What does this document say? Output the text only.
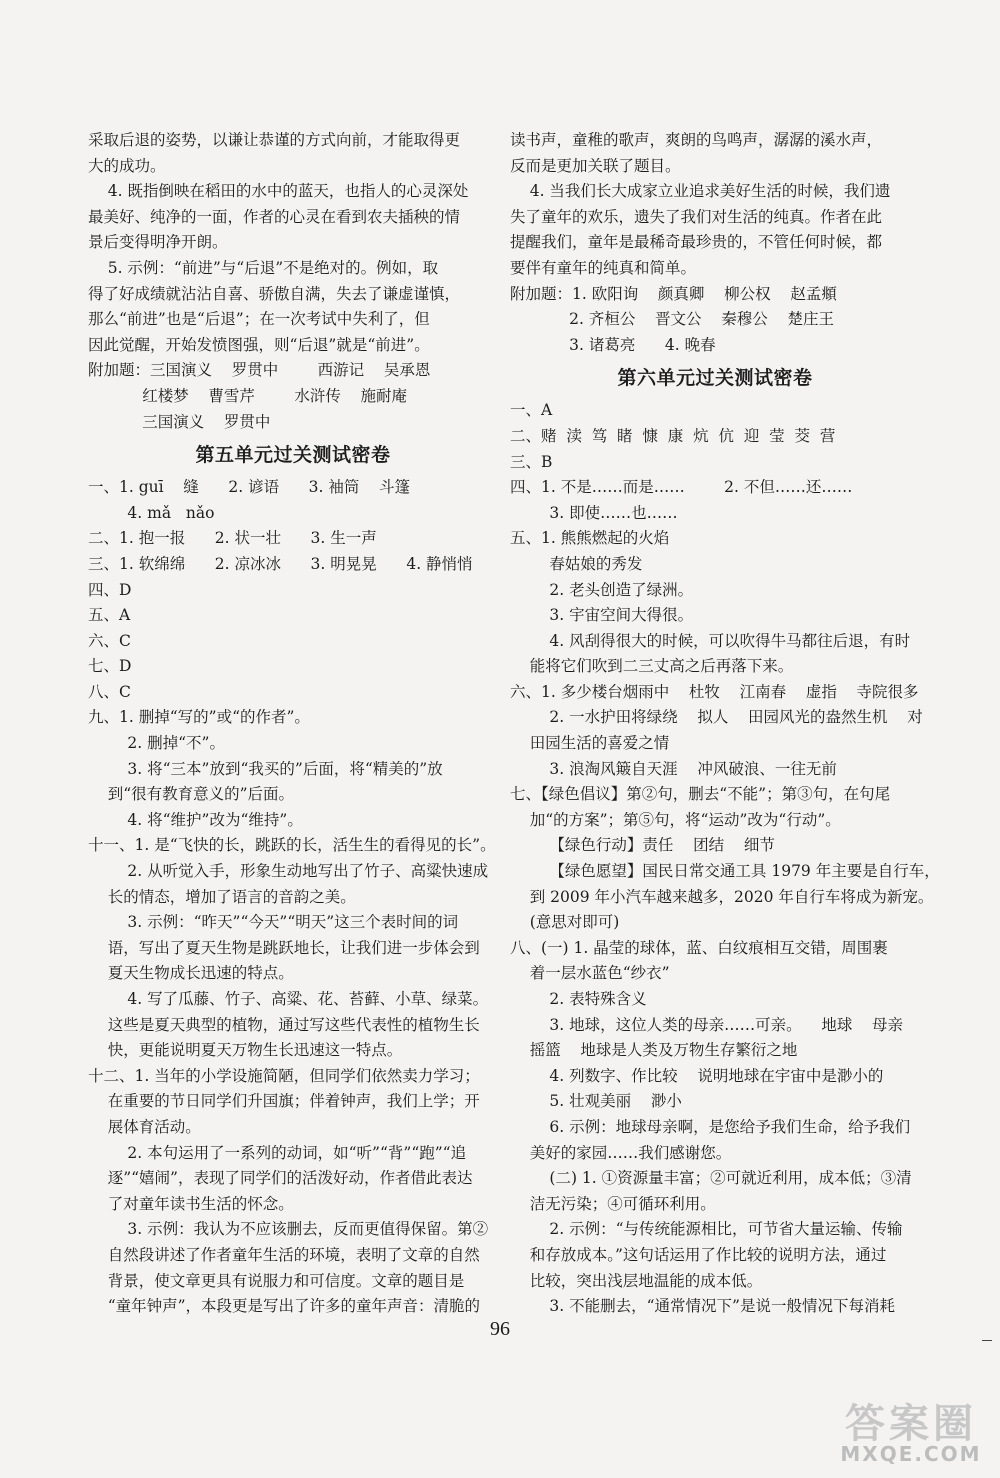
采取后退的姿势，以谦让恭谨的方式向前，才能取得更
大的成功。
4. 既指倒映在稻田的水中的蓝天，也指人的心灵深处
最美好、纯净的一面，作者的心灵在看到农夫插秧的情
景后变得明净开朗。
5. 示例：“前进”与“后退”不是绝对的。例如，取
得了好成绩就沾沾自喜、骄傲自满，失去了谦虚谨慎，
那么“前进”也是“后退”；在一次考试中失利了，但
因此觉醒，开始发愤图强，则“后退”就是“前进”。
附加题：三国演义    罗贯中        西游记    吴承恩
红楼梦    曹雪芹        水浒传    施耐庵
三国演义    罗贯中
第五单元过关测试密卷
一、1. guī    缝      2. 谚语      3. 袖筒    斗篷
4. mǎ   nǎo
二、1. 抱一报      2. 状一壮      3. 生一声
三、1. 软绵绵      2. 凉冰冰      3. 明晃晃      4. 静悄悄
四、D
五、A
六、C
七、D
八、C
九、1. 删掉“写的”或“的作者”。
2. 删掉“不”。
3. 将“三本”放到“我买的”后面，将“精美的”放
到“很有教育意义的”后面。
4. 将“维护”改为“维持”。
十一、1. 是“飞快的长，跳跃的长，活生生的看得见的长”。
2. 从听觉入手，形象生动地写出了竹子、高粱快速成
长的情态，增加了语言的音韵之美。
3. 示例：“昨天”“今天”“明天”这三个表时间的词
语，写出了夏天生物是跳跃地长，让我们进一步体会到
夏天生物成长迅速的特点。
4. 写了瓜藤、竹子、高粱、花、苔藓、小草、绿菜。
这些是夏天典型的植物，通过写这些代表性的植物生长
快，更能说明夏天万物生长迅速这一特点。
十二、1. 当年的小学设施简陋，但同学们依然卖力学习；
在重要的节日同学们升国旗；伴着钟声，我们上学；开
展体育活动。
2. 本句运用了一系列的动词，如“听”“背”“跑”“追
逐”“嬉闹”，表现了同学们的活泼好动，作者借此表达
了对童年读书生活的怀念。
3. 示例：我认为不应该删去，反而更值得保留。第②
自然段讲述了作者童年生活的环境，表明了文章的自然
背景，使文章更具有说服力和可信度。文章的题目是
“童年钟声”，本段更是写出了许多的童年声音：清脆的
读书声，童稚的歌声，爽朗的鸟鸣声，潺潺的溪水声，
反而是更加关联了题目。
4. 当我们长大成家立业追求美好生活的时候，我们遗
失了童年的欢乐，遗失了我们对生活的纯真。作者在此
提醒我们，童年是最稀奇最珍贵的，不管任何时候，都
要伴有童年的纯真和简单。
附加题：1. 欧阳询    颜真卿    柳公权    赵孟頫
2. 齐桓公    晋文公    秦穆公    楚庄王
3. 诸葛亮      4. 晚春
第六单元过关测试密卷
一、A
二、赌  渎  笃  睹  慷  康  炕  伉  迎  莹  茭  营
三、B
四、1. 不是……而是……        2. 不但……还……
3. 即使……也……
五、1. 熊熊燃起的火焰
春姑娘的秀发
2. 老头创造了绿洲。
3. 宇宙空间大得很。
4. 风刮得很大的时候，可以吹得牛马都往后退，有时
能将它们吹到二三丈高之后再落下来。
六、1. 多少楼台烟雨中    杜牧    江南春    虚指    寺院很多
2. 一水护田将绿绕    拟人    田园风光的盎然生机    对
田园生活的喜爱之情
3. 浪淘风簸自天涯    冲风破浪、一往无前
七、【绿色倡议】第②句，删去“不能”；第③句，在句尾
加“的方案”；第⑤句，将“运动”改为“行动”。
【绿色行动】责任    团结    细节
【绿色愿望】国民日常交通工具 1979 年主要是自行车，
到 2009 年小汽车越来越多，2020 年自行车将成为新宠。
(意思对即可)
八、(一) 1. 晶莹的球体，蓝、白纹痕相互交错，周围裹
着一层水蓝色“纱衣”
2. 表特殊含义
3. 地球，这位人类的母亲……可亲。    地球    母亲
摇篮    地球是人类及万物生存繁衍之地
4. 列数字、作比较    说明地球在宇宙中是渺小的
5. 壮观美丽    渺小
6. 示例：地球母亲啊，是您给予我们生命，给予我们
美好的家园……我们感谢您。
(二) 1. ①资源量丰富；②可就近利用，成本低；③清
洁无污染；④可循环利用。
2. 示例：“与传统能源相比，可节省大量运输、传输
和存放成本。”这句话运用了作比较的说明方法，通过
比较，突出浅层地温能的成本低。
3. 不能删去，“通常情况下”是说一般情况下每消耗
96
答案圈
MXQE.COM
